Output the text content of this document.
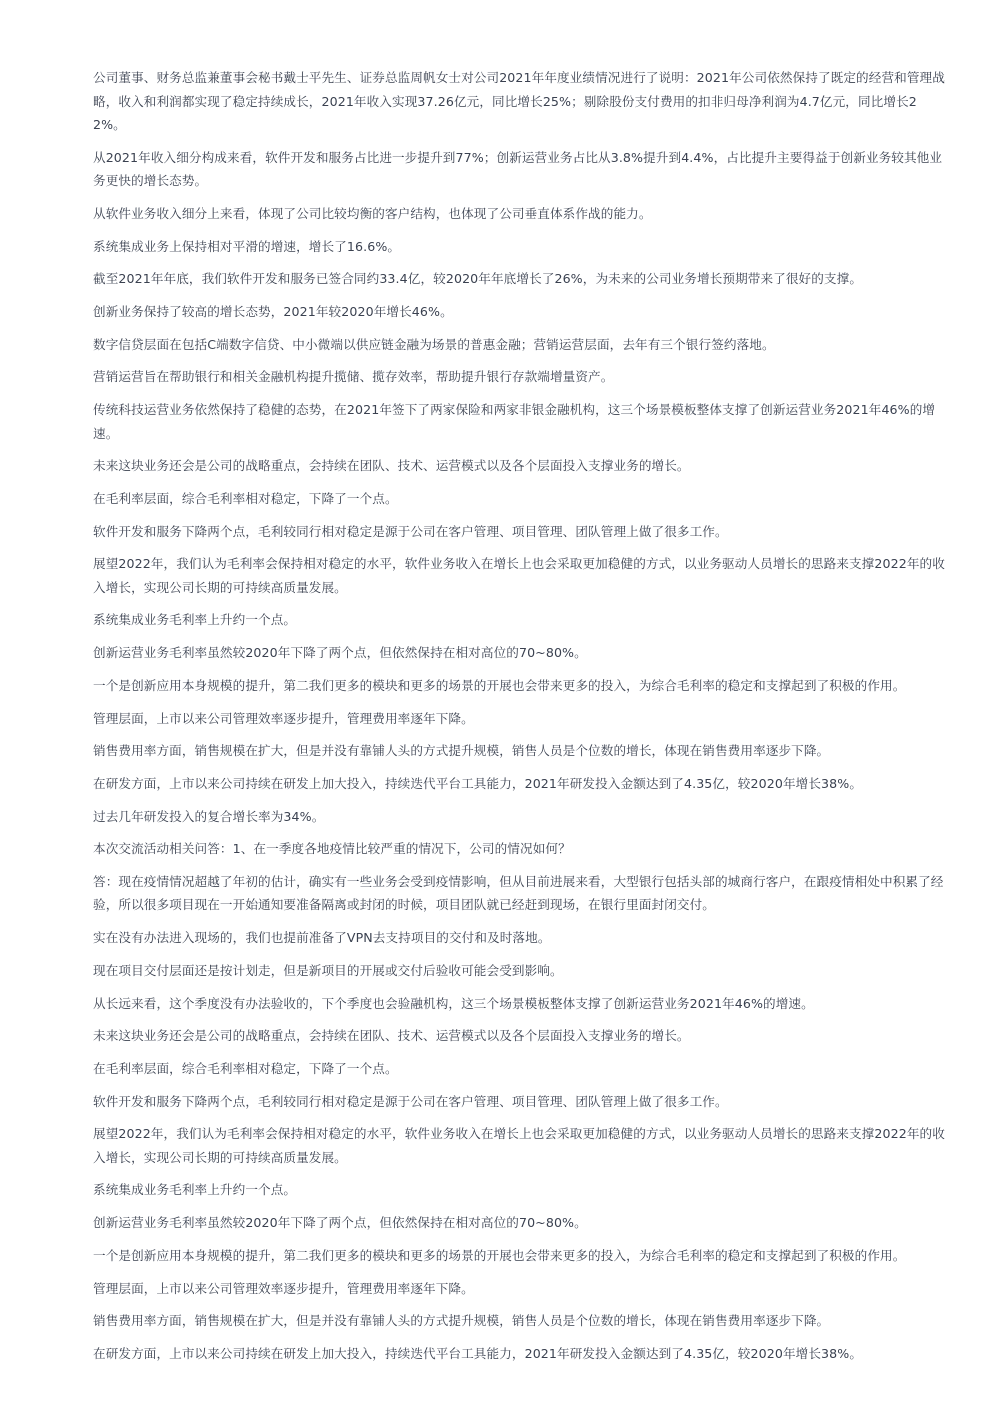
公司董事、财务总监兼董事会秘书戴士平先生、证券总监周帆女士对公司2021年年度业绩情况进行了说明：2021年公司依然保持了既定的经营和管理战略，收入和利润都实现了稳定持续成长，2021年收入实现37.26亿元，同比增长25%；剔除股份支付费用的扣非归母净利润为4.7亿元，同比增长22%。

从2021年收入细分构成来看，软件开发和服务占比进一步提升到77%；创新运营业务占比从3.8%提升到4.4%，占比提升主要得益于创新业务较其他业务更快的增长态势。

从软件业务收入细分上来看，体现了公司比较均衡的客户结构，也体现了公司垂直体系作战的能力。

系统集成业务上保持相对平滑的增速，增长了16.6%。

截至2021年年底，我们软件开发和服务已签合同约33.4亿，较2020年年底增长了26%，为未来的公司业务增长预期带来了很好的支撑。

创新业务保持了较高的增长态势，2021年较2020年增长46%。

数字信贷层面在包括C端数字信贷、中小微端以供应链金融为场景的普惠金融；营销运营层面，去年有三个银行签约落地。

营销运营旨在帮助银行和相关金融机构提升揽储、揽存效率，帮助提升银行存款端增量资产。

传统科技运营业务依然保持了稳健的态势，在2021年签下了两家保险和两家非银金融机构，这三个场景模板整体支撑了创新运营业务2021年46%的增速。

未来这块业务还会是公司的战略重点，会持续在团队、技术、运营模式以及各个层面投入支撑业务的增长。

在毛利率层面，综合毛利率相对稳定，下降了一个点。

软件开发和服务下降两个点，毛利较同行相对稳定是源于公司在客户管理、项目管理、团队管理上做了很多工作。

展望2022年，我们认为毛利率会保持相对稳定的水平，软件业务收入在增长上也会采取更加稳健的方式，以业务驱动人员增长的思路来支撑2022年的收入增长，实现公司长期的可持续高质量发展。

系统集成业务毛利率上升约一个点。

创新运营业务毛利率虽然较2020年下降了两个点，但依然保持在相对高位的70~80%。

一个是创新应用本身规模的提升，第二我们更多的模块和更多的场景的开展也会带来更多的投入，为综合毛利率的稳定和支撑起到了积极的作用。

管理层面，上市以来公司管理效率逐步提升，管理费用率逐年下降。

销售费用率方面，销售规模在扩大，但是并没有靠铺人头的方式提升规模，销售人员是个位数的增长，体现在销售费用率逐步下降。

在研发方面，上市以来公司持续在研发上加大投入，持续迭代平台工具能力，2021年研发投入金额达到了4.35亿，较2020年增长38%。

过去几年研发投入的复合增长率为34%。

本次交流活动相关问答：1、在一季度各地疫情比较严重的情况下，公司的情况如何？

答：现在疫情情况超越了年初的估计，确实有一些业务会受到疫情影响，但从目前进展来看，大型银行包括头部的城商行客户，在跟疫情相处中积累了经验，所以很多项目现在一开始通知要准备隔离或封闭的时候，项目团队就已经赶到现场，在银行里面封闭交付。

实在没有办法进入现场的，我们也提前准备了VPN去支持项目的交付和及时落地。

现在项目交付层面还是按计划走，但是新项目的开展或交付后验收可能会受到影响。

从长远来看，这个季度没有办法验收的，下个季度也会验融机构，这三个场景模板整体支撑了创新运营业务2021年46%的增速。

未来这块业务还会是公司的战略重点，会持续在团队、技术、运营模式以及各个层面投入支撑业务的增长。

在毛利率层面，综合毛利率相对稳定，下降了一个点。

软件开发和服务下降两个点，毛利较同行相对稳定是源于公司在客户管理、项目管理、团队管理上做了很多工作。

展望2022年，我们认为毛利率会保持相对稳定的水平，软件业务收入在增长上也会采取更加稳健的方式，以业务驱动人员增长的思路来支撑2022年的收入增长，实现公司长期的可持续高质量发展。

系统集成业务毛利率上升约一个点。

创新运营业务毛利率虽然较2020年下降了两个点，但依然保持在相对高位的70~80%。

一个是创新应用本身规模的提升，第二我们更多的模块和更多的场景的开展也会带来更多的投入，为综合毛利率的稳定和支撑起到了积极的作用。

管理层面，上市以来公司管理效率逐步提升，管理费用率逐年下降。

销售费用率方面，销售规模在扩大，但是并没有靠铺人头的方式提升规模，销售人员是个位数的增长，体现在销售费用率逐步下降。

在研发方面，上市以来公司持续在研发上加大投入，持续迭代平台工具能力，2021年研发投入金额达到了4.35亿，较2020年增长38%。
